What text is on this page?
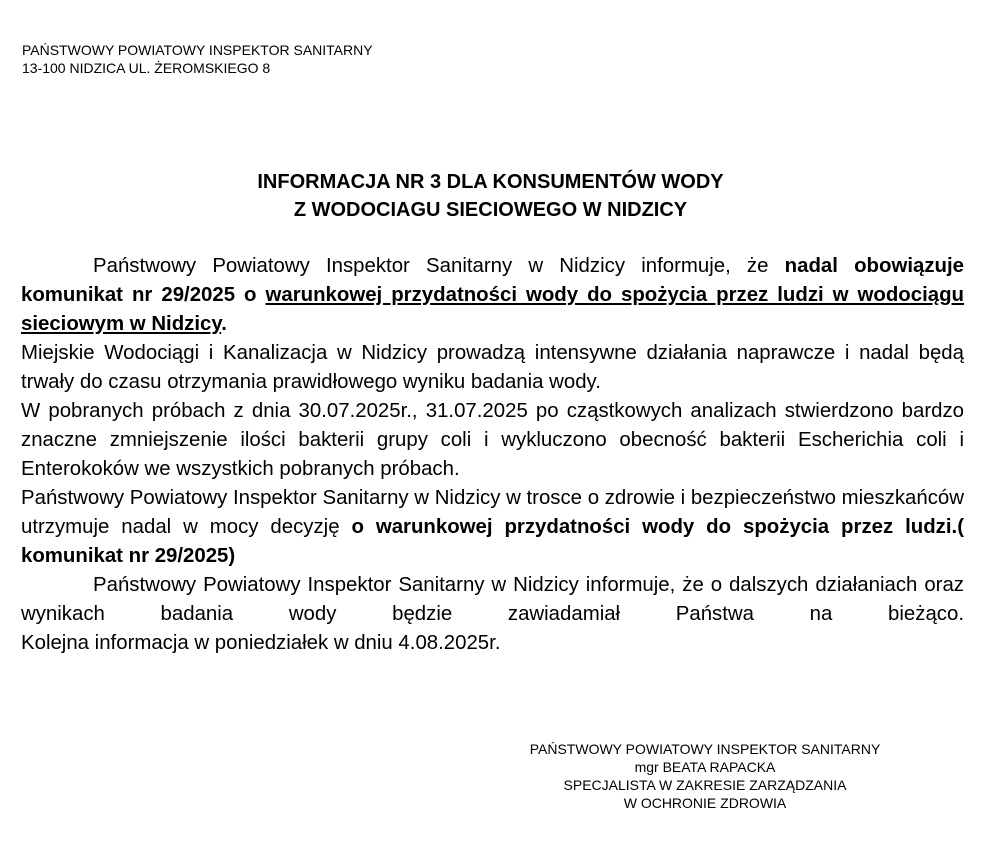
PAŃSTWOWY POWIATOWY INSPEKTOR SANITARNY
13-100 NIDZICA UL. ŻEROMSKIEGO 8
INFORMACJA NR 3 DLA KONSUMENTÓW WODY
Z WODOCIAGU SIECIOWEGO W NIDZICY

Państwowy Powiatowy Inspektor Sanitarny w Nidzicy informuje, że nadal obowiązuje komunikat nr 29/2025 o warunkowej przydatności wody do spożycia przez ludzi w wodociągu sieciowym w Nidzicy.

Miejskie Wodociągi i Kanalizacja w Nidzicy prowadzą intensywne działania naprawcze i nadal będą trwały do czasu otrzymania prawidłowego wyniku badania wody.

W pobranych próbach z dnia 30.07.2025r., 31.07.2025 po cząstkowych analizach stwierdzono bardzo znaczne zmniejszenie ilości bakterii grupy coli i wykluczono obecność bakterii Escherichia coli i Enterokoków we wszystkich pobranych próbach.

Państwowy Powiatowy Inspektor Sanitarny w Nidzicy w trosce o zdrowie i bezpieczeństwo mieszkańców utrzymuje nadal w mocy decyzję o warunkowej przydatności wody do spożycia przez ludzi.( komunikat nr 29/2025)

Państwowy Powiatowy Inspektor Sanitarny w Nidzicy informuje, że o dalszych działaniach oraz wynikach badania wody będzie zawiadamiał Państwa na bieżąco.

Kolejna informacja w poniedziałek w dniu 4.08.2025r.

PAŃSTWOWY POWIATOWY INSPEKTOR SANITARNY
mgr BEATA RAPACKA
SPECJALISTA W ZAKRESIE ZARZĄDZANIA
W OCHRONIE ZDROWIA
